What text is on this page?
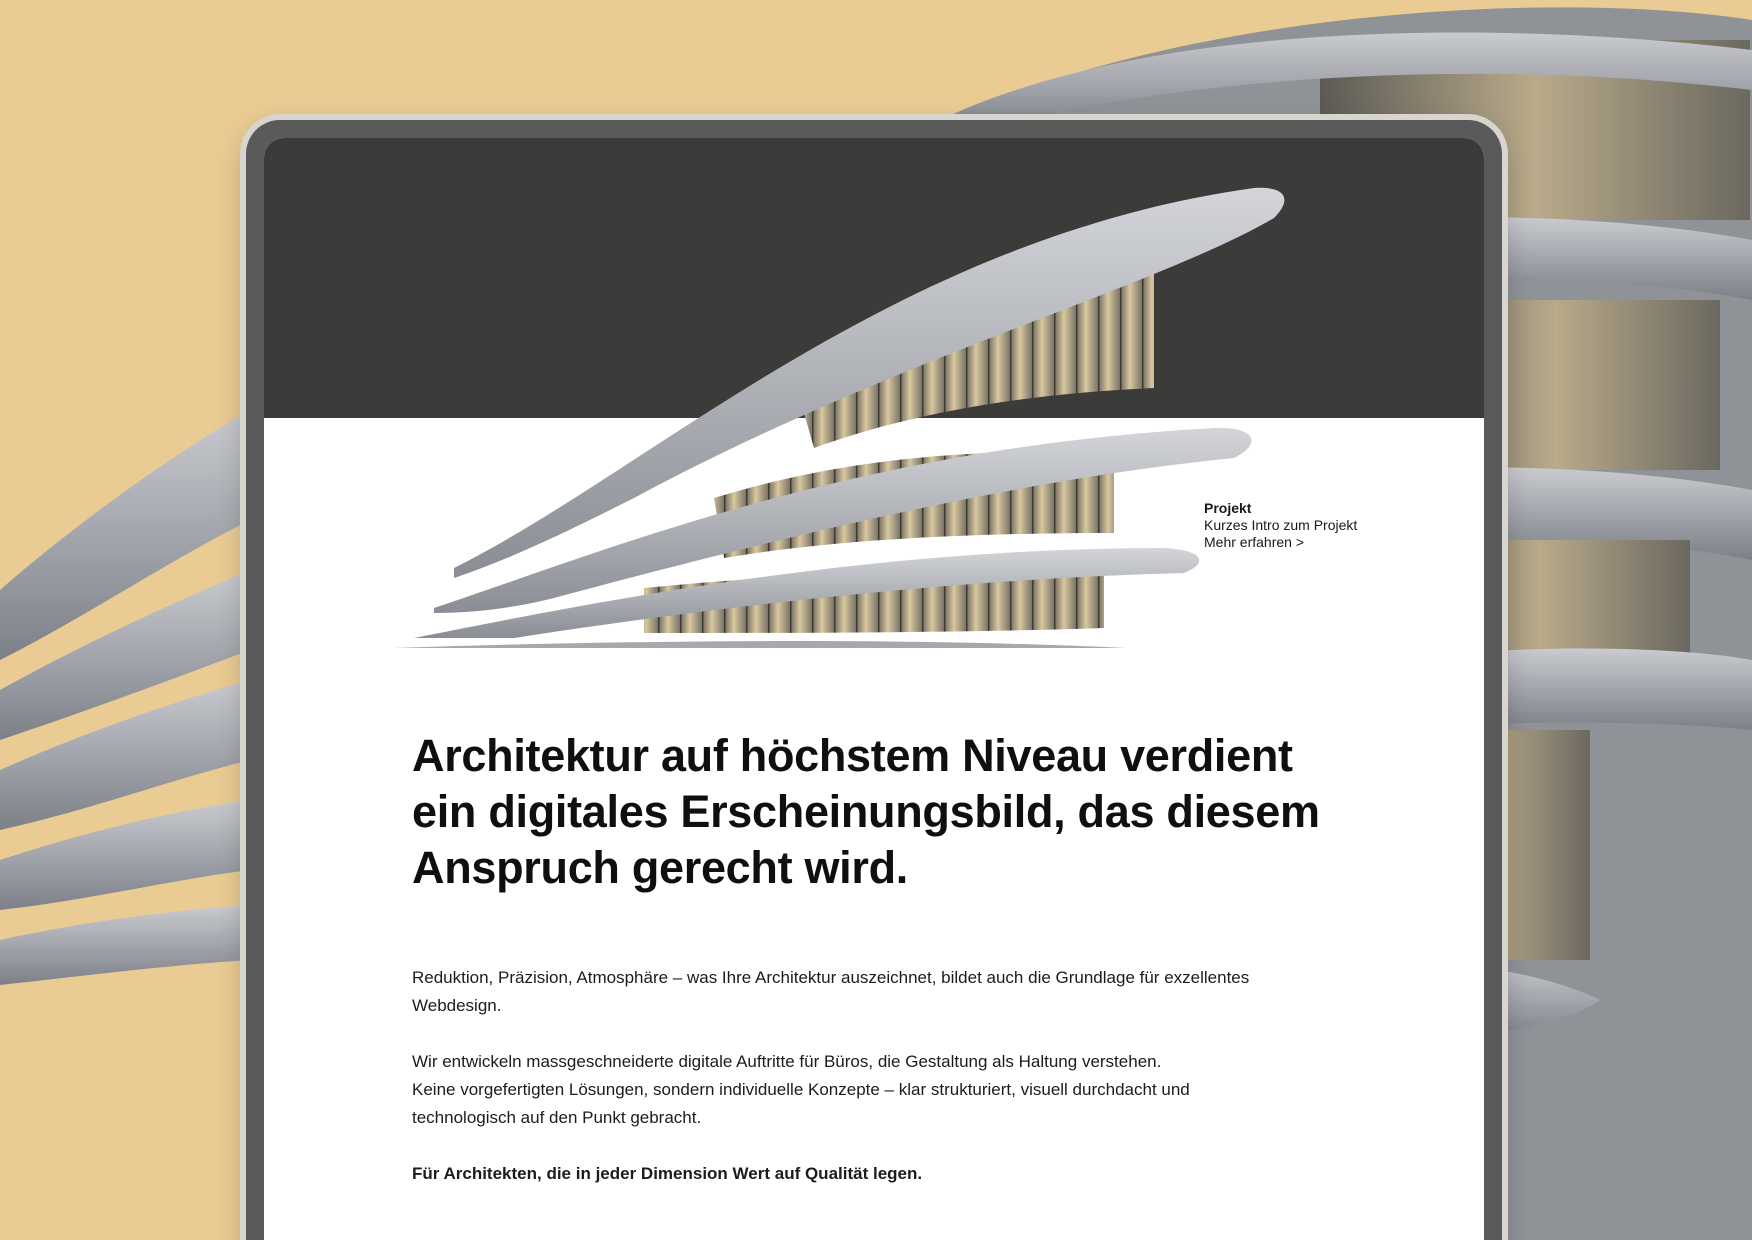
Projekt
Kurzes Intro zum Projekt
Mehr erfahren >
Architektur auf höchstem Niveau verdient ein digitales Erscheinungsbild, das diesem Anspruch gerecht wird.

Reduktion, Präzision, Atmosphäre – was Ihre Architektur auszeichnet, bildet auch die Grundlage für exzellentes Webdesign.

Wir entwickeln massgeschneiderte digitale Auftritte für Büros, die Gestaltung als Haltung verstehen.
Keine vorgefertigten Lösungen, sondern individuelle Konzepte – klar strukturiert, visuell durchdacht und technologisch auf den Punkt gebracht.

Für Architekten, die in jeder Dimension Wert auf Qualität legen.
